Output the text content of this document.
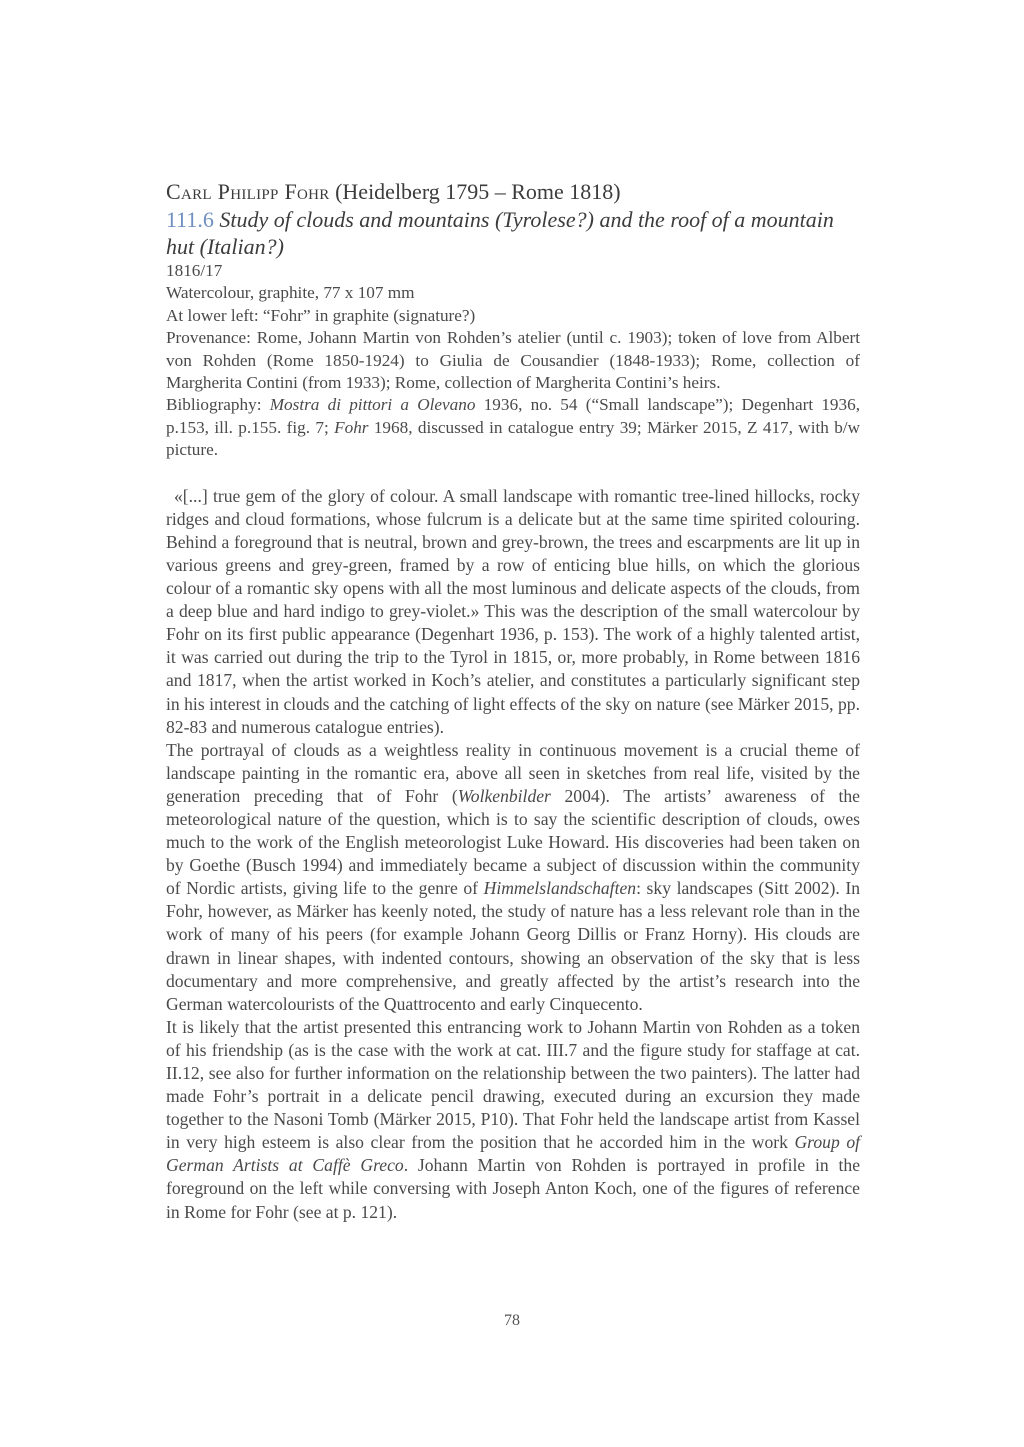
Carl Philipp Fohr (Heidelberg 1795 – Rome 1818)

111.6 Study of clouds and mountains (Tyrolese?) and the roof of a mountain hut (Italian?)

1816/17

Watercolour, graphite, 77 x 107 mm

At lower left: “Fohr” in graphite (signature?)

Provenance: Rome, Johann Martin von Rohden’s atelier (until c. 1903); token of love from Albert von Rohden (Rome 1850-1924) to Giulia de Cousandier (1848-1933); Rome, collection of Margherita Contini (from 1933); Rome, collection of Margherita Contini’s heirs.

Bibliography: Mostra di pittori a Olevano 1936, no. 54 (“Small landscape”); Degenhart 1936, p.153, ill. p.155. fig. 7; Fohr 1968, discussed in catalogue entry 39; Märker 2015, Z 417, with b/w picture.

«[...] true gem of the glory of colour. A small landscape with romantic tree-lined hillocks, rocky ridges and cloud formations, whose fulcrum is a delicate but at the same time spirited colouring. Behind a foreground that is neutral, brown and grey-brown, the trees and escarpments are lit up in various greens and grey-green, framed by a row of enticing blue hills, on which the glorious colour of a romantic sky opens with all the most luminous and delicate aspects of the clouds, from a deep blue and hard indigo to grey-violet.» This was the description of the small watercolour by Fohr on its first public appearance (Degenhart 1936, p. 153). The work of a highly talented artist, it was carried out during the trip to the Tyrol in 1815, or, more probably, in Rome between 1816 and 1817, when the artist worked in Koch’s atelier, and constitutes a particularly significant step in his interest in clouds and the catching of light effects of the sky on nature (see Märker 2015, pp. 82-83 and numerous catalogue entries).

The portrayal of clouds as a weightless reality in continuous movement is a crucial theme of landscape painting in the romantic era, above all seen in sketches from real life, visited by the generation preceding that of Fohr (Wolkenbilder 2004). The artists’ awareness of the meteorological nature of the question, which is to say the scientific description of clouds, owes much to the work of the English meteorologist Luke Howard. His discoveries had been taken on by Goethe (Busch 1994) and immediately became a subject of discussion within the community of Nordic artists, giving life to the genre of Himmelslandschaften: sky landscapes (Sitt 2002). In Fohr, however, as Märker has keenly noted, the study of nature has a less relevant role than in the work of many of his peers (for example Johann Georg Dillis or Franz Horny). His clouds are drawn in linear shapes, with indented contours, showing an observation of the sky that is less documentary and more comprehensive, and greatly affected by the artist’s research into the German watercolourists of the Quattrocento and early Cinquecento.

It is likely that the artist presented this entrancing work to Johann Martin von Rohden as a token of his friendship (as is the case with the work at cat. III.7 and the figure study for staffage at cat. II.12, see also for further information on the relationship between the two painters). The latter had made Fohr’s portrait in a delicate pencil drawing, executed during an excursion they made together to the Nasoni Tomb (Märker 2015, P10). That Fohr held the landscape artist from Kassel in very high esteem is also clear from the position that he accorded him in the work Group of German Artists at Caffè Greco. Johann Martin von Rohden is portrayed in profile in the foreground on the left while conversing with Joseph Anton Koch, one of the figures of reference in Rome for Fohr (see at p. 121).

78
